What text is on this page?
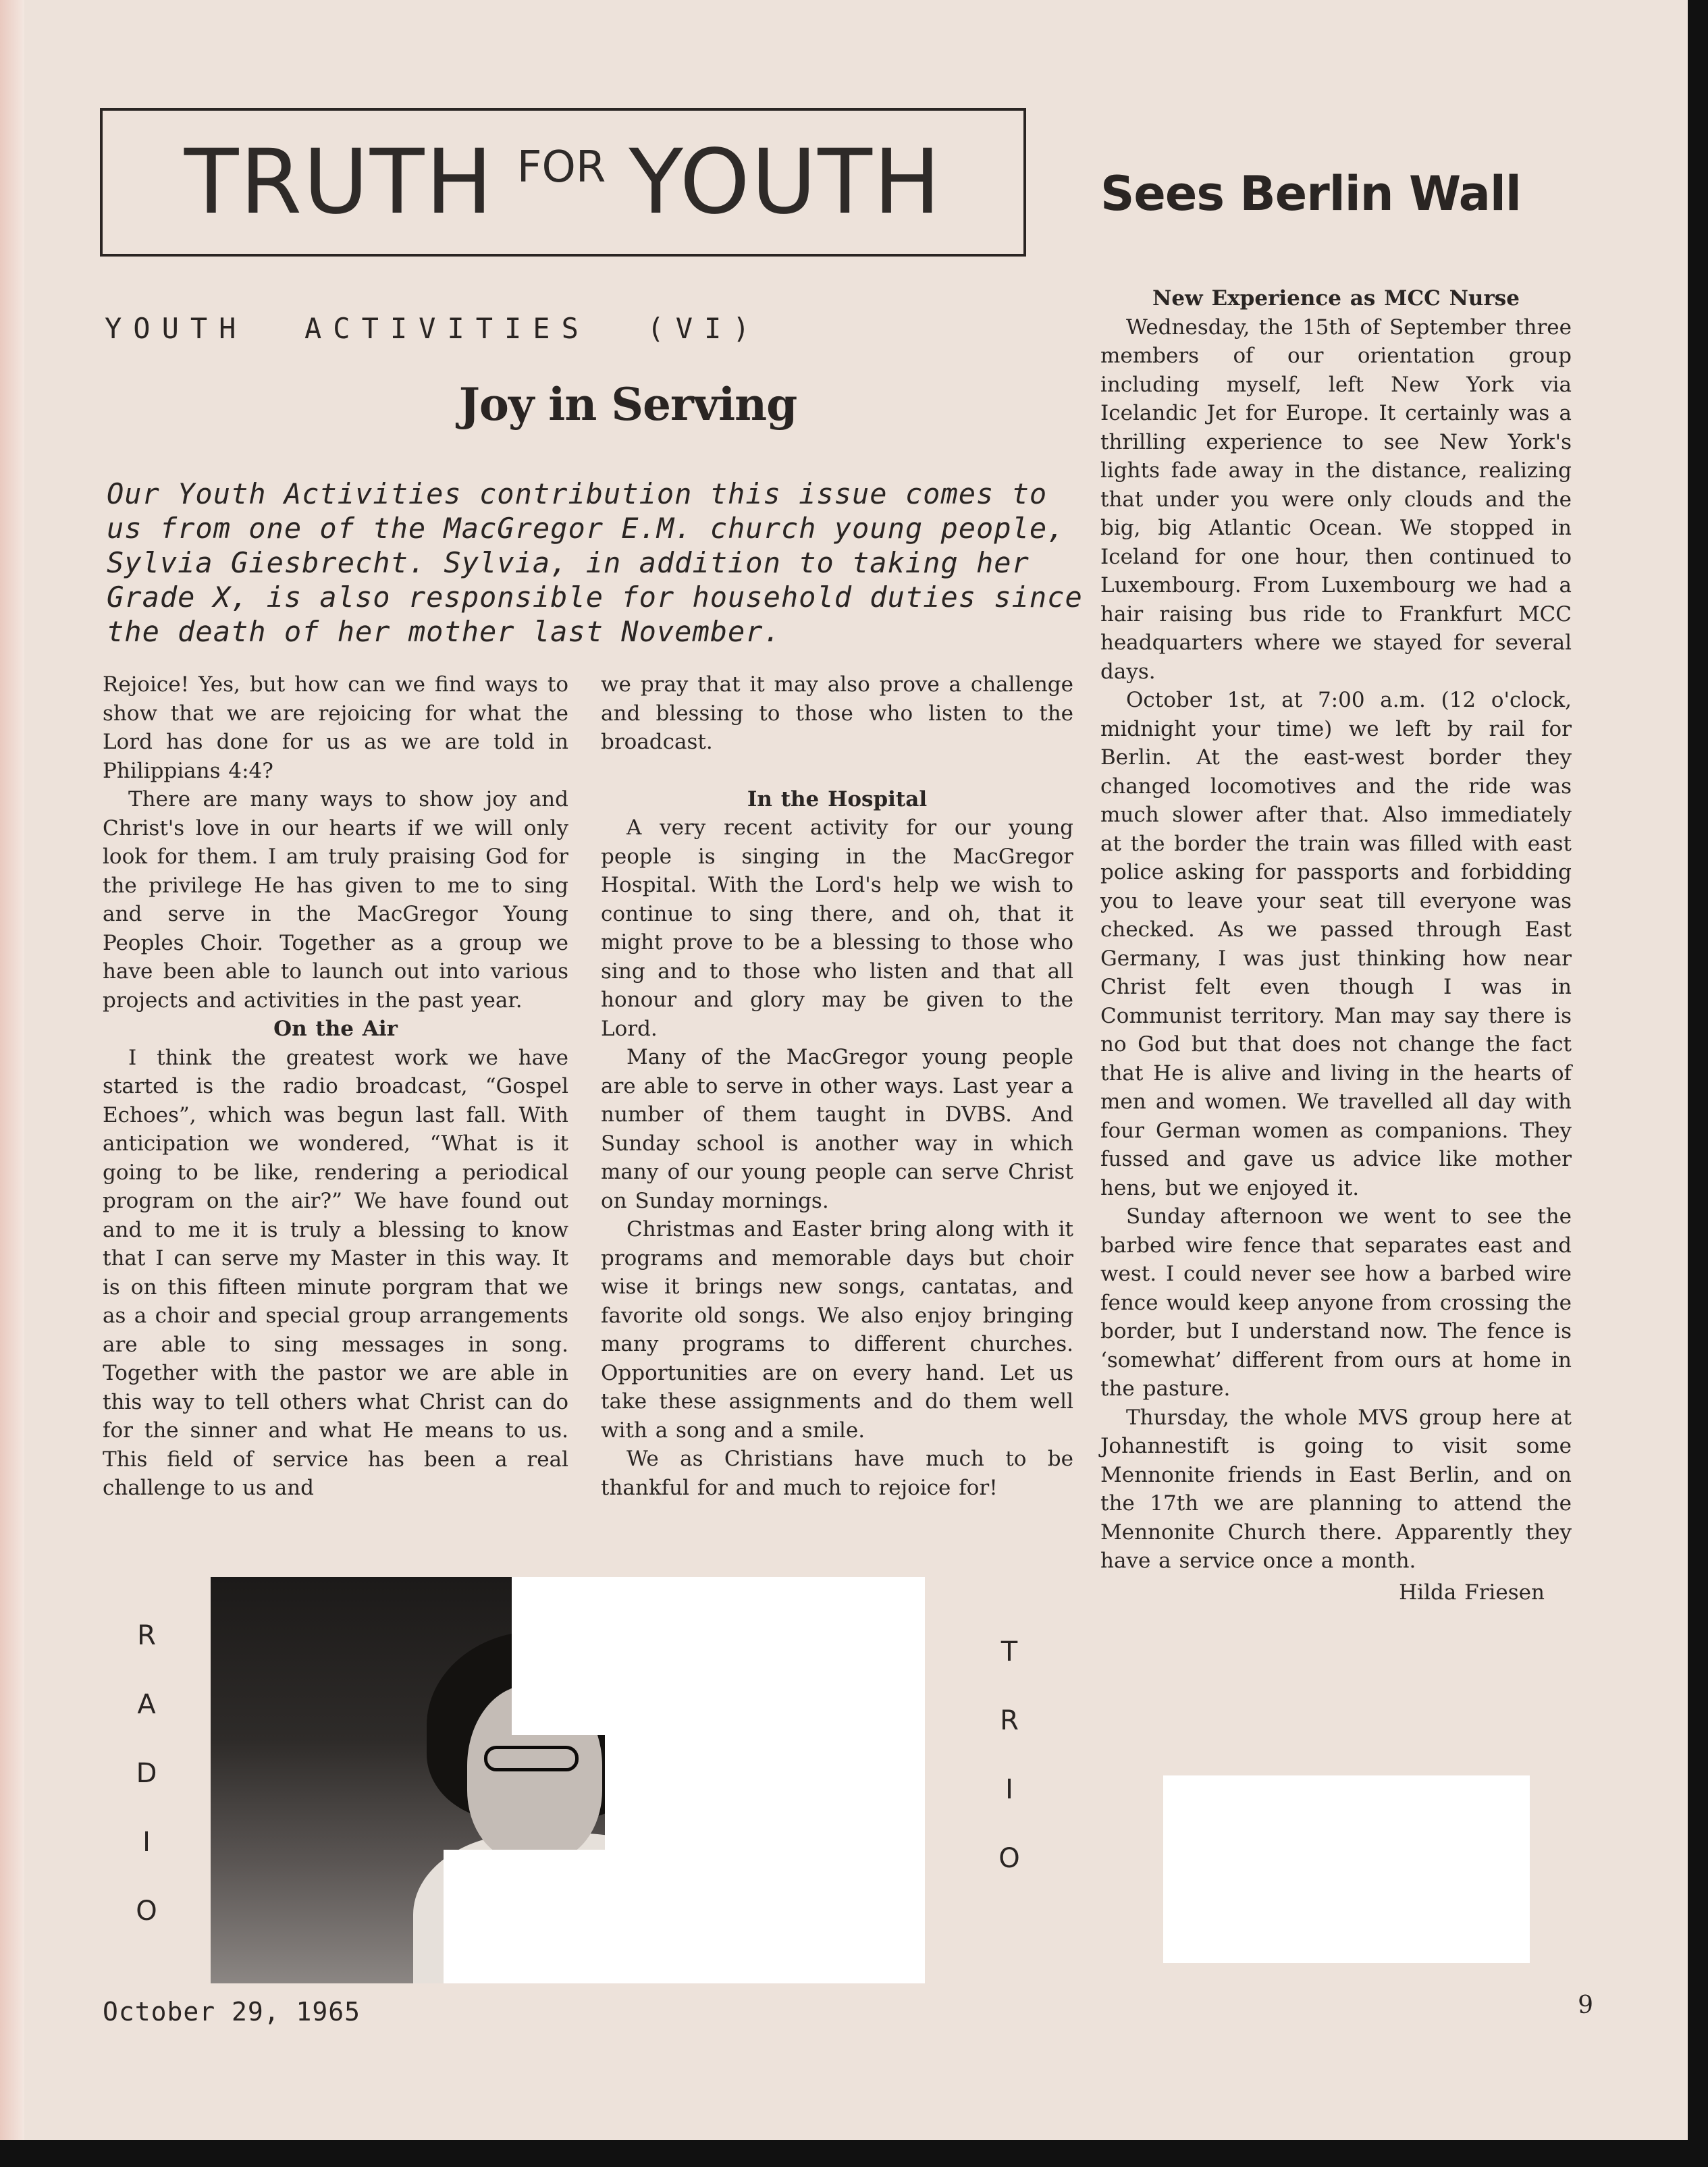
TRUTH FOR YOUTH	Sees Berlin Wall
YOUTH  ACTIVITIES  (VI)
Joy in Serving
Our Youth Activities contribution this issue comes to us from one of the MacGregor E.M. church young people, Sylvia Giesbrecht. Sylvia, in addition to taking her Grade X, is also responsible for household duties since the death of her mother last November.

Rejoice! Yes, but how can we find ways to show that we are rejoicing for what the Lord has done for us as we are told in Philippians 4:4?

There are many ways to show joy and Christ's love in our hearts if we will only look for them. I am truly praising God for the privilege He has given to me to sing and serve in the MacGregor Young Peoples Choir. Together as a group we have been able to launch out into various projects and activities in the past year.

On the Air

I think the greatest work we have started is the radio broadcast, “Gospel Echoes”, which was begun last fall. With anticipation we wondered, “What is it going to be like, rendering a periodical program on the air?” We have found out and to me it is truly a blessing to know that I can serve my Master in this way. It is on this fifteen minute porgram that we as a choir and special group arrangements are able to sing messages in song. Together with the pastor we are able in this way to tell others what Christ can do for the sinner and what He means to us. This field of service has been a real challenge to us and

we pray that it may also prove a challenge and blessing to those who listen to the broadcast.

In the Hospital

A very recent activity for our young people is singing in the MacGregor Hospital. With the Lord's help we wish to continue to sing there, and oh, that it might prove to be a blessing to those who sing and to those who listen and that all honour and glory may be given to the Lord.

Many of the MacGregor young people are able to serve in other ways. Last year a number of them taught in DVBS. And Sunday school is another way in which many of our young people can serve Christ on Sunday mornings.

Christmas and Easter bring along with it programs and memorable days but choir wise it brings new songs, cantatas, and favorite old songs. We also enjoy bringing many programs to different churches. Opportunities are on every hand. Let us take these assignments and do them well with a song and a smile.

We as Christians have much to be thankful for and much to rejoice for!

New Experience as MCC Nurse

Wednesday, the 15th of September three members of our orientation group including myself, left New York via Icelandic Jet for Europe. It certainly was a thrilling experience to see New York's lights fade away in the distance, realizing that under you were only clouds and the big, big Atlantic Ocean. We stopped in Iceland for one hour, then continued to Luxembourg. From Luxembourg we had a hair raising bus ride to Frankfurt MCC headquarters where we stayed for several days.

October 1st, at 7:00 a.m. (12 o'clock, midnight your time) we left by rail for Berlin. At the east-west border they changed locomotives and the ride was much slower after that. Also immediately at the border the train was filled with east police asking for passports and forbidding you to leave your seat till everyone was checked. As we passed through East Germany, I was just thinking how near Christ felt even though I was in Communist territory. Man may say there is no God but that does not change the fact that He is alive and living in the hearts of men and women. We travelled all day with four German women as companions. They fussed and gave us advice like mother hens, but we enjoyed it.

Sunday afternoon we went to see the barbed wire fence that separates east and west. I could never see how a barbed wire fence would keep anyone from crossing the border, but I understand now. The fence is ‘somewhat’ different from ours at home in the pasture.

Thursday, the whole MVS group here at Johannestift is going to visit some Mennonite friends in East Berlin, and on the 17th we are planning to attend the Mennonite Church there. Apparently they have a service once a month.

Hilda Friesen

R
A
D
I
O
T
R
I
O
October 29, 1965	9
